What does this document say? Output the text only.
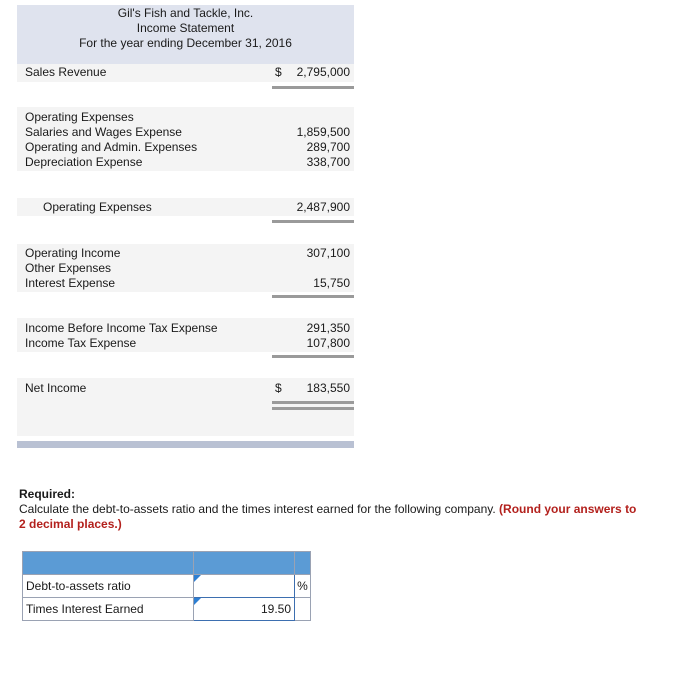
Gil's Fish and Tackle, Inc.
Income Statement
For the year ending December 31, 2016
Sales Revenue	$	2,795,000
Operating Expenses
Salaries and Wages Expense	1,859,500
Operating and Admin. Expenses	289,700
Depreciation Expense	338,700
Operating Expenses	2,487,900
Operating Income	307,100
Other Expenses
Interest Expense	15,750
Income Before Income Tax Expense	291,350
Income Tax Expense	107,800
Net Income	$	183,550
Required:
Calculate the debt-to-assets ratio and the times interest earned for the following company. (Round your answers to 2 decimal places.)

Debt-to-assets ratio		%
Times Interest Earned	19.50	
